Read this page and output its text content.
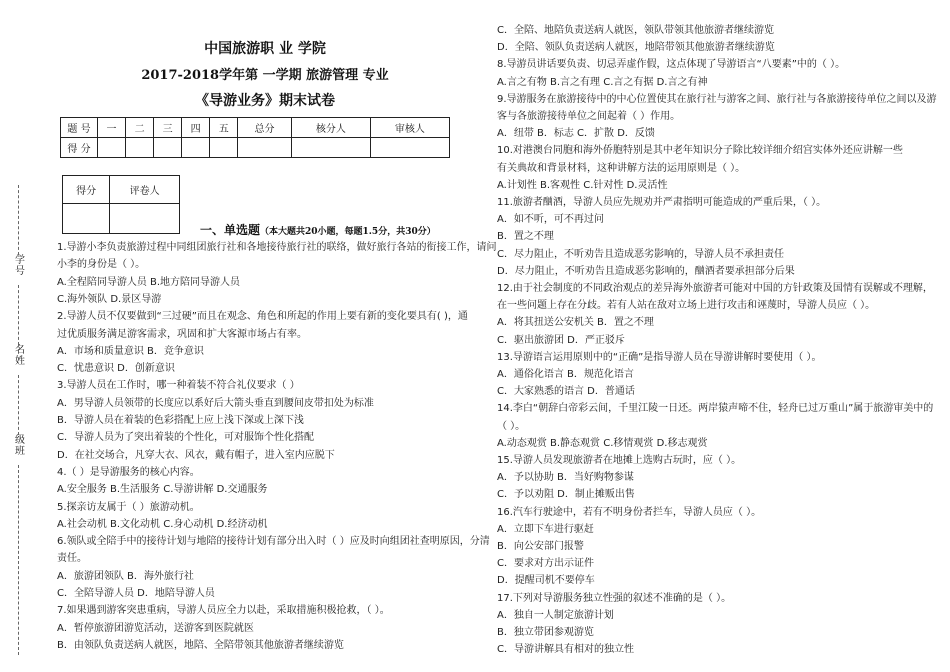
学号
名姓
级班
中国旅游职 业 学院
2017-2018学年第 一学期 旅游管理 专业
《导游业务》期末试卷
题 号	一	二	三	四	五	总分	核分人	审核人
得 分								
得分	评卷人

一、单选题（本大题共20小题，每题1.5分，共30分）
1.导游小李负责旅游过程中同组团旅行社和各地接待旅行社的联络，做好旅行各站的衔接工作，请问
小李的身份是（ ）。
A.全程陪同导游人员 B.地方陪同导游人员
C.海外领队 D.景区导游
2.导游人员不仅要做到“三过硬”而且在观念、角色和所起的作用上要有新的变化要具有( )，通
过优质服务满足游客需求，巩固和扩大客源市场占有率。
A．市场和质量意识 B．竞争意识
C．忧患意识 D．创新意识
3.导游人员在工作时，哪一种着装不符合礼仪要求（ ）
A．男导游人员领带的长度应以系好后大箭头垂直到腰间皮带扣处为标准
B．导游人员在着装的色彩搭配上应上浅下深或上深下浅
C．导游人员为了突出着装的个性化，可对服饰个性化搭配
D．在社交场合，凡穿大衣、风衣，戴有帽子，进入室内应脱下
4.（ ）是导游服务的核心内容。
A.安全服务 B.生活服务 C.导游讲解 D.交通服务
5.探亲访友属于（ ）旅游动机。
A.社会动机 B.文化动机 C.身心动机 D.经济动机
6.领队或全陪手中的接待计划与地陪的接待计划有部分出入时（ ）应及时向组团社查明原因，分清
责任。
A．旅游团领队 B．海外旅行社
C．全陪导游人员 D．地陪导游人员
7.如果遇到游客突患重病，导游人员应全力以赴，采取措施积极抢救，（ ）。
A．暂停旅游团游览活动，送游客到医院就医
B．由领队负责送病人就医，地陪、全陪带领其他旅游者继续游览
C．全陪、地陪负责送病人就医，领队带领其他旅游者继续游览
D．全陪、领队负责送病人就医，地陪带领其他旅游者继续游览
8.导游员讲话要负责、切忌弄虚作假，这点体现了导游语言“八要素”中的（ ）。
A.言之有物 B.言之有理 C.言之有据 D.言之有神
9.导游服务在旅游接待中的中心位置使其在旅行社与游客之间、旅行社与各旅游接待单位之间以及游
客与各旅游接待单位之间起着（ ）作用。
A．纽带 B．标志 C．扩散 D．反馈
10.对港澳台同胞和海外侨胞特别是其中老年知识分子除比较详细介绍宫实体外还应讲解一些
有关典故和背景材料，这种讲解方法的运用原则是（ ）。
A.计划性 B.客观性 C.针对性 D.灵活性
11.旅游者酗酒，导游人员应先规劝并严肃指明可能造成的严重后果，（ ）。
A．如不听，可不再过问
B．置之不理
C．尽力阻止，不听劝告且造成恶劣影响的，导游人员不承担责任
D．尽力阻止，不听劝告且造成恶劣影响的，酗酒者要承担部分后果
12.由于社会制度的不同政治观点的差异海外旅游者可能对中国的方针政策及国情有误解或不理解，
在一些问题上存在分歧。若有人站在敌对立场上进行攻击和诬蔑时，导游人员应（ ）。
A．将其扭送公安机关 B．置之不理
C．驱出旅游团 D．严正驳斥
13.导游语言运用原则中的“正确”是指导游人员在导游讲解时要使用（ ）。
A．通俗化语言 B．规范化语言
C．大家熟悉的语言 D．普通话
14.李白“朝辞白帝彩云间，千里江陵一日还。两岸猿声啼不住，轻舟已过万重山”属于旅游审美中的
（ ）。
A.动态观赏 B.静态观赏 C.移情观赏 D.移志观赏
15.导游人员发现旅游者在地摊上选购古玩时，应（ ）。
A．予以协助 B．当好购物参谋
C．予以劝阻 D．制止摊贩出售
16.汽车行驶途中，若有不明身份者拦车，导游人员应（ ）。
A．立即下车进行驱赶
B．向公安部门报警
C．要求对方出示证件
D．提醒司机不要停车
17.下列对导游服务独立性强的叙述不准确的是（ ）。
A．独自一人制定旅游计划
B．独立带团参观游览
C．导游讲解具有相对的独立性
